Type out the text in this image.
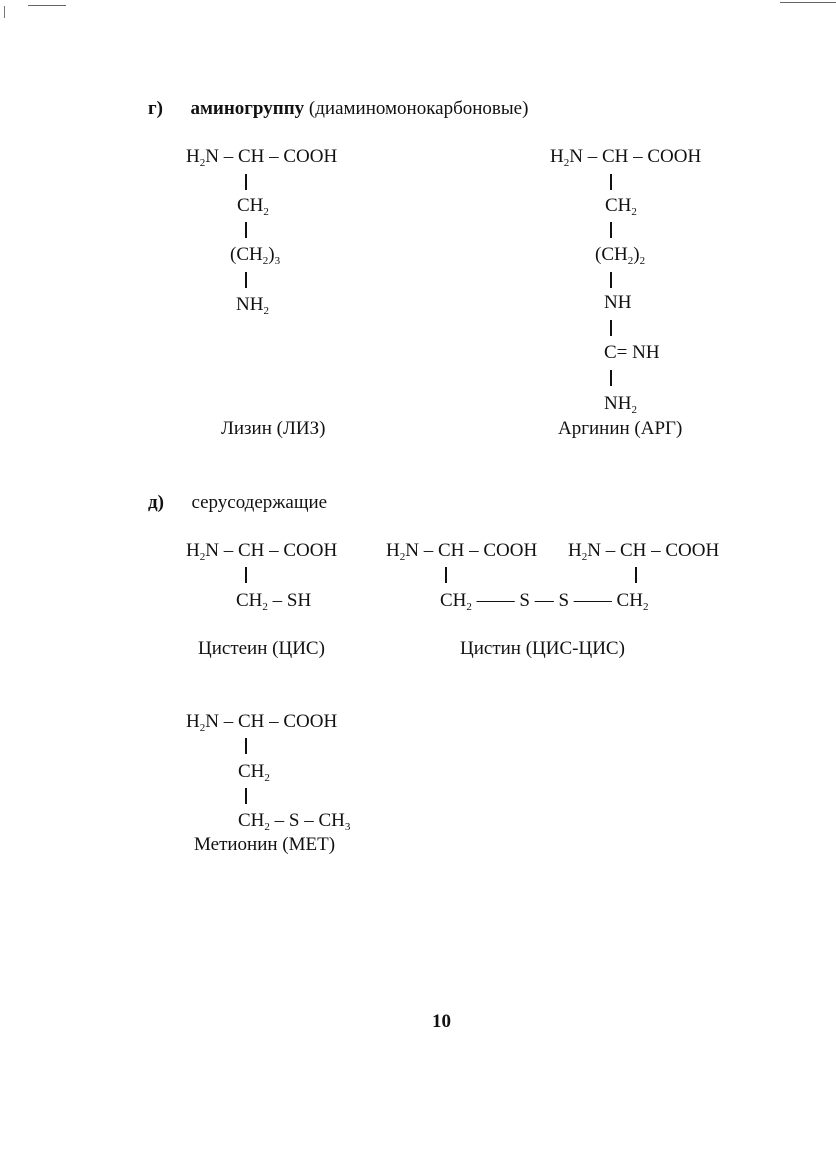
г) аминогруппу (диаминомонокарбоновые)
$H_2N$ – CH – COOH
$CH_2$
$(CH_2)_3$
$NH_2$
Лизин (ЛИЗ)
$H_2N$ – CH – COOH
$CH_2$
$(CH_2)_2$
NH
C= NH
$NH_2$
Аргинин (АРГ)
д) серусодержащие
$H_2N$ – CH – COOH
$CH_2$ – SH
Цистеин (ЦИС)
$H_2N$ – CH – COOH $H_2N$ – CH – COOH
$CH_2$ —— S — S —— $CH_2$
Цистин (ЦИС-ЦИС)
$H_2N$ – CH – COOH
$CH_2$
$CH_2$ – S – $CH_3$
Метионин (МЕТ)
10
